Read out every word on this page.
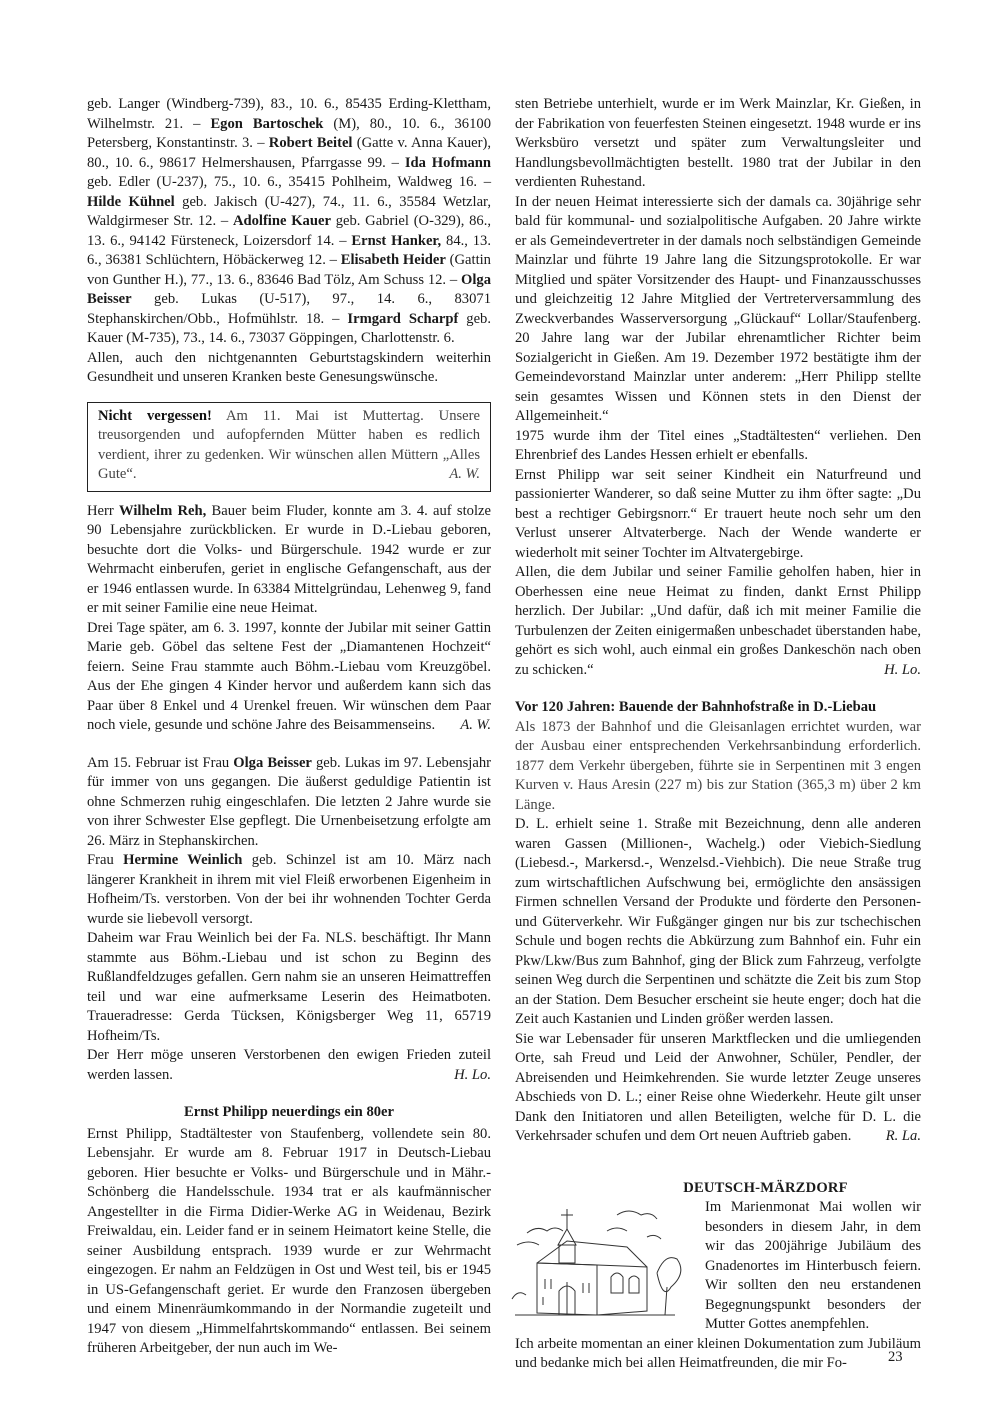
geb. Langer (Windberg-739), 83., 10. 6., 85435 Erding-Klettham, Wilhelmstr. 21. – Egon Bartoschek (M), 80., 10. 6., 36100 Petersberg, Konstantinstr. 3. – Robert Beitel (Gatte v. Anna Kauer), 80., 10. 6., 98617 Helmershausen, Pfarrgasse 99. – Ida Hofmann geb. Edler (U-237), 75., 10. 6., 35415 Pohlheim, Waldweg 16. – Hilde Kühnel geb. Jakisch (U-427), 74., 11. 6., 35584 Wetzlar, Waldgirmeser Str. 12. – Adolfine Kauer geb. Gabriel (O-329), 86., 13. 6., 94142 Fürsteneck, Loizersdorf 14. – Ernst Hanker, 84., 13. 6., 36381 Schlüchtern, Höbäckerweg 12. – Elisabeth Heider (Gattin von Gunther H.), 77., 13. 6., 83646 Bad Tölz, Am Schuss 12. – Olga Beisser geb. Lukas (U-517), 97., 14. 6., 83071 Stephanskirchen/Obb., Hofmühlstr. 18. – Irmgard Scharpf geb. Kauer (M-735), 73., 14. 6., 73037 Göppingen, Charlottenstr. 6.

Allen, auch den nichtgenannten Geburtstagskindern weiterhin Gesundheit und unseren Kranken beste Genesungswünsche.

Nicht vergessen! Am 11. Mai ist Muttertag. Unsere treusorgenden und aufopfernden Mütter haben es redlich verdient, ihrer zu gedenken. Wir wünschen allen Müttern „Alles Gute“.	A. W.

Herr Wilhelm Reh, Bauer beim Fluder, konnte am 3. 4. auf stolze 90 Lebensjahre zurückblicken. Er wurde in D.-Liebau geboren, besuchte dort die Volks- und Bürgerschule. 1942 wurde er zur Wehrmacht einberufen, geriet in englische Gefangenschaft, aus der er 1946 entlassen wurde. In 63384 Mittelgründau, Lehenweg 9, fand er mit seiner Familie eine neue Heimat.

Drei Tage später, am 6. 3. 1997, konnte der Jubilar mit seiner Gattin Marie geb. Göbel das seltene Fest der „Diamantenen Hochzeit“ feiern. Seine Frau stammte auch Böhm.-Liebau vom Kreuzgöbel. Aus der Ehe gingen 4 Kinder hervor und außerdem kann sich das Paar über 8 Enkel und 4 Urenkel freuen. Wir wünschen dem Paar noch viele, gesunde und schöne Jahre des Beisammenseins. A. W.

Am 15. Februar ist Frau Olga Beisser geb. Lukas im 97. Lebensjahr für immer von uns gegangen. Die äußerst geduldige Patientin ist ohne Schmerzen ruhig eingeschlafen. Die letzten 2 Jahre wurde sie von ihrer Schwester Else gepflegt. Die Urnenbeisetzung erfolgte am 26. März in Stephanskirchen.

Frau Hermine Weinlich geb. Schinzel ist am 10. März nach längerer Krankheit in ihrem mit viel Fleiß erworbenen Eigenheim in Hofheim/Ts. verstorben. Von der bei ihr wohnenden Tochter Gerda wurde sie liebevoll versorgt.

Daheim war Frau Weinlich bei der Fa. NLS. beschäftigt. Ihr Mann stammte aus Böhm.-Liebau und ist schon zu Beginn des Rußlandfeldzuges gefallen. Gern nahm sie an unseren Heimattreffen teil und war eine aufmerksame Leserin des Heimatboten. Traueradresse: Gerda Tücksen, Königsberger Weg 11, 65719 Hofheim/Ts.

Der Herr möge unseren Verstorbenen den ewigen Frieden zuteil werden lassen.	H. Lo.

Ernst Philipp neuerdings ein 80er

Ernst Philipp, Stadtältester von Staufenberg, vollendete sein 80. Lebensjahr. Er wurde am 8. Februar 1917 in Deutsch-Liebau geboren. Hier besuchte er Volks- und Bürgerschule und in Mähr.-Schönberg die Handelsschule. 1934 trat er als kaufmännischer Angestellter in die Firma Didier-Werke AG in Weidenau, Bezirk Freiwaldau, ein. Leider fand er in seinem Heimatort keine Stelle, die seiner Ausbildung entsprach. 1939 wurde er zur Wehrmacht eingezogen. Er nahm an Feldzügen in Ost und West teil, bis er 1945 in US-Gefangenschaft geriet. Er wurde den Franzosen übergeben und einem Minenräumkommando in der Normandie zugeteilt und 1947 von diesem „Himmelfahrtskommando“ entlassen. Bei seinem früheren Arbeitgeber, der nun auch im We-

sten Betriebe unterhielt, wurde er im Werk Mainzlar, Kr. Gießen, in der Fabrikation von feuerfesten Steinen eingesetzt. 1948 wurde er ins Werksbüro versetzt und später zum Verwaltungsleiter und Handlungsbevollmächtigten bestellt. 1980 trat der Jubilar in den verdienten Ruhestand.

In der neuen Heimat interessierte sich der damals ca. 30jährige sehr bald für kommunal- und sozialpolitische Aufgaben. 20 Jahre wirkte er als Gemeindevertreter in der damals noch selbständigen Gemeinde Mainzlar und führte 19 Jahre lang die Sitzungsprotokolle. Er war Mitglied und später Vorsitzender des Haupt- und Finanzausschusses und gleichzeitig 12 Jahre Mitglied der Vertreterversammlung des Zweckverbandes Wasserversorgung „Glückauf“ Lollar/Staufenberg. 20 Jahre lang war der Jubilar ehrenamtlicher Richter beim Sozialgericht in Gießen. Am 19. Dezember 1972 bestätigte ihm der Gemeindevorstand Mainzlar unter anderem: „Herr Philipp stellte sein gesamtes Wissen und Können stets in den Dienst der Allgemeinheit.“

1975 wurde ihm der Titel eines „Stadtältesten“ verliehen. Den Ehrenbrief des Landes Hessen erhielt er ebenfalls.

Ernst Philipp war seit seiner Kindheit ein Naturfreund und passionierter Wanderer, so daß seine Mutter zu ihm öfter sagte: „Du best a rechtiger Gebirgsnorr.“ Er trauert heute noch sehr um den Verlust unserer Altvaterberge. Nach der Wende wanderte er wiederholt mit seiner Tochter im Altvatergebirge.

Allen, die dem Jubilar und seiner Familie geholfen haben, hier in Oberhessen eine neue Heimat zu finden, dankt Ernst Philipp herzlich. Der Jubilar: „Und dafür, daß ich mit meiner Familie die Turbulenzen der Zeiten einigermaßen unbeschadet überstanden habe, gehört es sich wohl, auch einmal ein großes Dankeschön nach oben zu schicken.“	H. Lo.

Vor 120 Jahren: Bauende der Bahnhofstraße in D.-Liebau

Als 1873 der Bahnhof und die Gleisanlagen errichtet wurden, war der Ausbau einer entsprechenden Verkehrsanbindung erforderlich. 1877 dem Verkehr übergeben, führte sie in Serpentinen mit 3 engen Kurven v. Haus Aresin (227 m) bis zur Station (365,3 m) über 2 km Länge.

D. L. erhielt seine 1. Straße mit Bezeichnung, denn alle anderen waren Gassen (Millionen-, Wachelg.) oder Viebich-Siedlung (Liebesd.-, Markersd.-, Wenzelsd.-Viehbich). Die neue Straße trug zum wirtschaftlichen Aufschwung bei, ermöglichte den ansässigen Firmen schnellen Versand der Produkte und förderte den Personen- und Güterverkehr. Wir Fußgänger gingen nur bis zur tschechischen Schule und bogen rechts die Abkürzung zum Bahnhof ein. Fuhr ein Pkw/Lkw/Bus zum Bahnhof, ging der Blick zum Fahrzeug, verfolgte seinen Weg durch die Serpentinen und schätzte die Zeit bis zum Stop an der Station. Dem Besucher erscheint sie heute enger; doch hat die Zeit auch Kastanien und Linden größer werden lassen.

Sie war Lebensader für unseren Marktflecken und die umliegenden Orte, sah Freud und Leid der Anwohner, Schüler, Pendler, der Abreisenden und Heimkehrenden. Sie wurde letzter Zeuge unseres Abschieds von D. L.; einer Reise ohne Wiederkehr. Heute gilt unser Dank den Initiatoren und allen Beteiligten, welche für D. L. die Verkehrsader schufen und dem Ort neuen Auftrieb gaben. R. La.

DEUTSCH-MÄRZDORF

Im Marienmonat Mai wollen wir besonders in diesem Jahr, in dem wir das 200jährige Jubiläum des Gnadenortes im Hinterbusch feiern. Wir sollten den neu erstandenen Begegnungspunkt besonders der Mutter Gottes anempfehlen.

Ich arbeite momentan an einer kleinen Dokumentation zum Jubiläum und bedanke mich bei allen Heimatfreunden, die mir Fo-	23
